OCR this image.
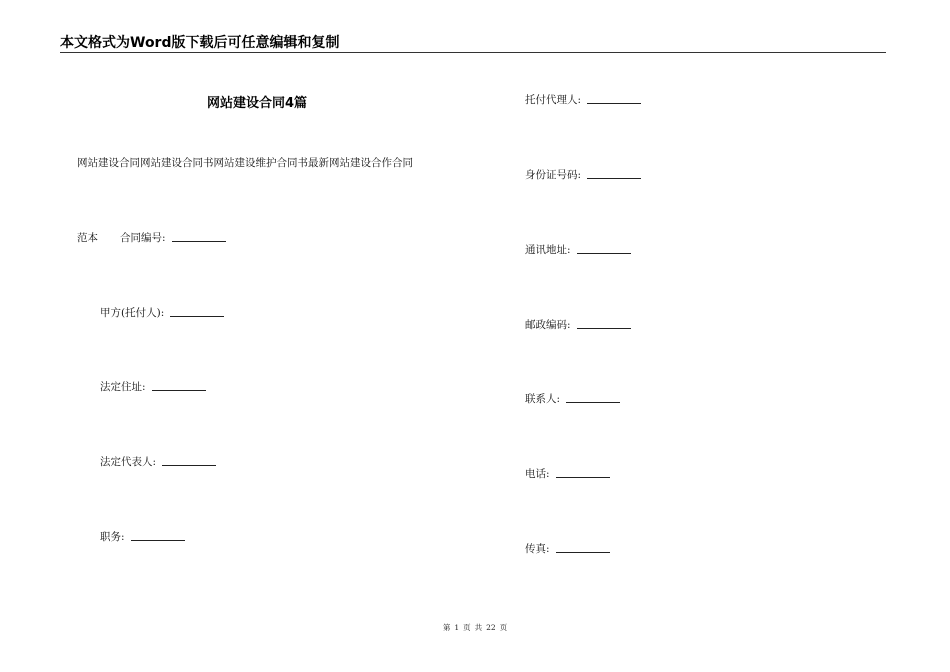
本文格式为Word版下载后可任意编辑和复制
网站建设合同4篇
网站建设合同网站建设合同书网站建设维护合同书最新网站建设合作合同
范本 合同编号:
甲方(托付人):
法定住址:
法定代表人:
职务:
托付代理人:
身份证号码:
通讯地址:
邮政编码:
联系人:
电话:
传真:
第 1 页 共 22 页
